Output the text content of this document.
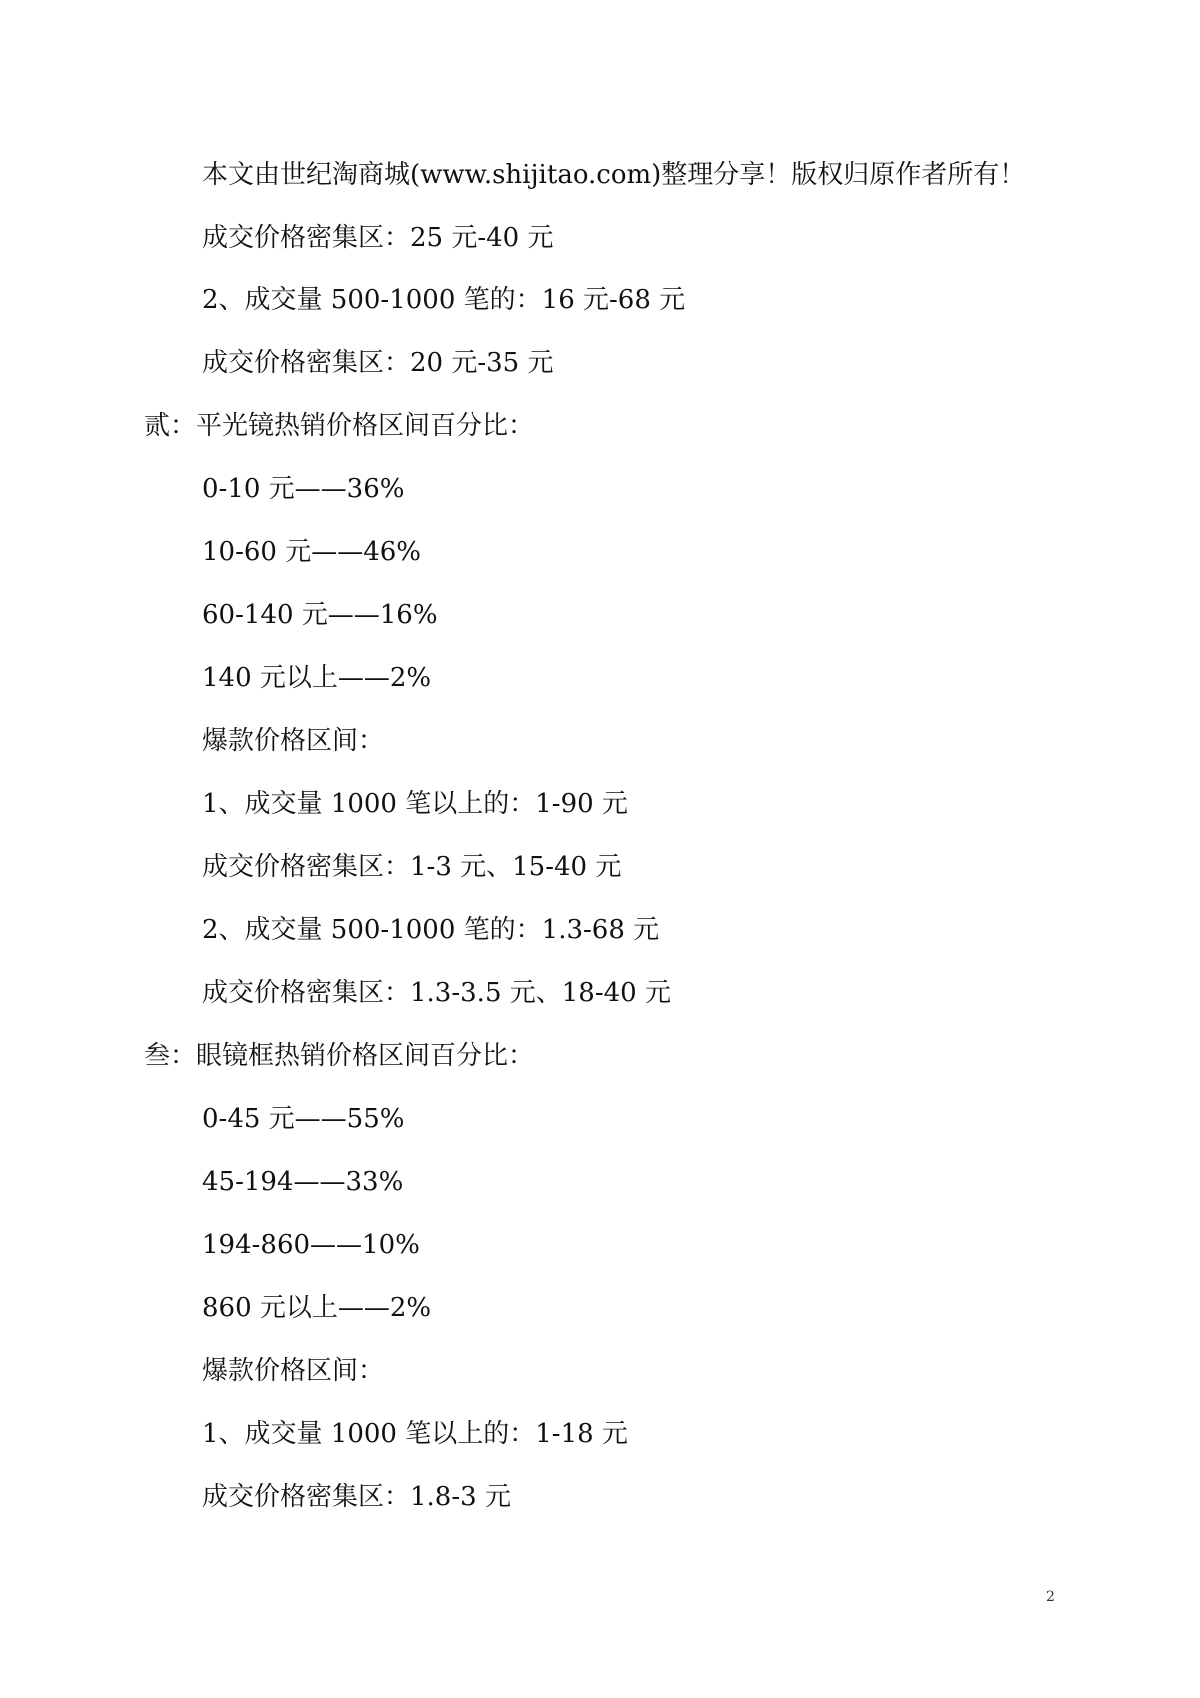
本文由世纪淘商城(www.shijitao.com)整理分享！版权归原作者所有！
成交价格密集区：25 元-40 元
2、成交量 500-1000 笔的：16 元-68 元
成交价格密集区：20 元-35 元
贰：平光镜热销价格区间百分比：
0-10 元——36%
10-60 元——46%
60-140 元——16%
140 元以上——2%
爆款价格区间：
1、成交量 1000 笔以上的：1-90 元
成交价格密集区：1-3 元、15-40 元
2、成交量 500-1000 笔的：1.3-68 元
成交价格密集区：1.3-3.5 元、18-40 元
叁：眼镜框热销价格区间百分比：
0-45 元——55%
45-194——33%
194-860——10%
860 元以上——2%
爆款价格区间：
1、成交量 1000 笔以上的：1-18 元
成交价格密集区：1.8-3 元
2
